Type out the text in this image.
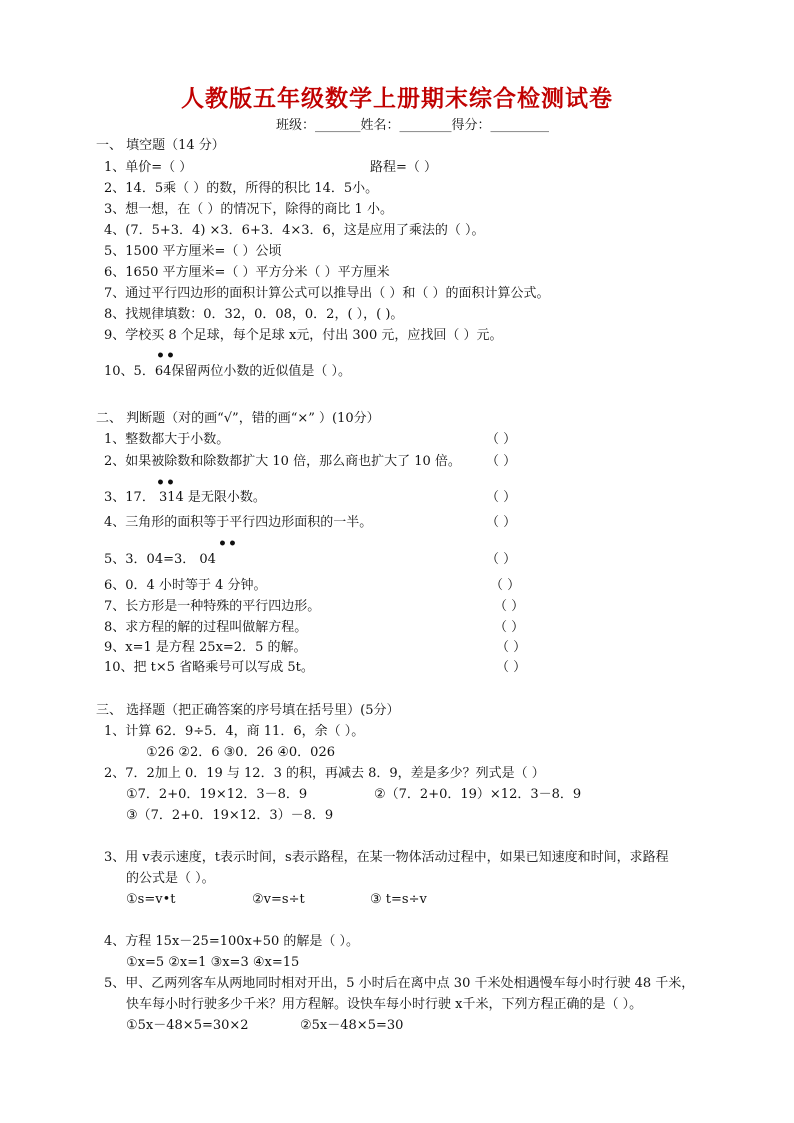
人教版五年级数学上册期末综合检测试卷
班级：_______姓名：________得分：_________
一、 填空题（14 分）
1、单价=（ ）	路程=（ ）
2、14．5乘（ ）的数，所得的积比 14．5小。
3、想一想，在（ ）的情况下，除得的商比 1 小。
4、(7．5+3．4) ×3．6+3．4×3．6，这是应用了乘法的（ ）。
5、1500 平方厘米=（ ）公顷
6、1650 平方厘米=（ ）平方分米（ ）平方厘米
7、通过平行四边形的面积计算公式可以推导出（ ）和（ ）的面积计算公式。
8、找规律填数：0．32，0．08，0．2，( ），( )。
9、学校买 8 个足球，每个足球 x元，付出 300 元，应找回（ ）元。
••
10、5．64保留两位小数的近似值是（ ）。
二、 判断题（对的画“√”，错的画“×” ）(10分）
1、整数都大于小数。	（ ）
2、如果被除数和除数都扩大 10 倍，那么商也扩大了 10 倍。 （ ）
••
3、17． 314 是无限小数。	（ ）
4、三角形的面积等于平行四边形面积的一半。	（ ）
••
5、3．04=3． 04	（ ）
6、0．4 小时等于 4 分钟。	（ ）
7、长方形是一种特殊的平行四边形。	（ ）
8、求方程的解的过程叫做解方程。	（ ）
9、x=1 是方程 25x=2．5 的解。	（ ）
10、把 t×5 省略乘号可以写成 5t。	（ ）
三、 选择题（把正确答案的序号填在括号里）(5分）
1、计算 62．9÷5．4，商 11．6，余（ ）。
①26 ②2．6 ③0．26 ④0．026
2、7．2加上 0．19 与 12．3 的积，再减去 8．9，差是多少？列式是（ ）
①7．2+0．19×12．3－8．9	②（7．2+0．19）×12．3－8．9
③（7．2+0．19×12．3）－8．9
3、用 v表示速度，t表示时间，s表示路程，在某一物体活动过程中，如果已知速度和时间，求路程
的公式是（ ）。
①s=v•t	②v=s÷t	③ t=s÷v
4、方程 15x－25=100x+50 的解是（ ）。
①x=5 ②x=1 ③x=3 ④x=15
5、甲、乙两列客车从两地同时相对开出，5 小时后在离中点 30 千米处相遇慢车每小时行驶 48 千米，
快车每小时行驶多少千米？用方程解。设快车每小时行驶 x千米，下列方程正确的是（ ）。
①5x－48×5=30×2	②5x－48×5=30
